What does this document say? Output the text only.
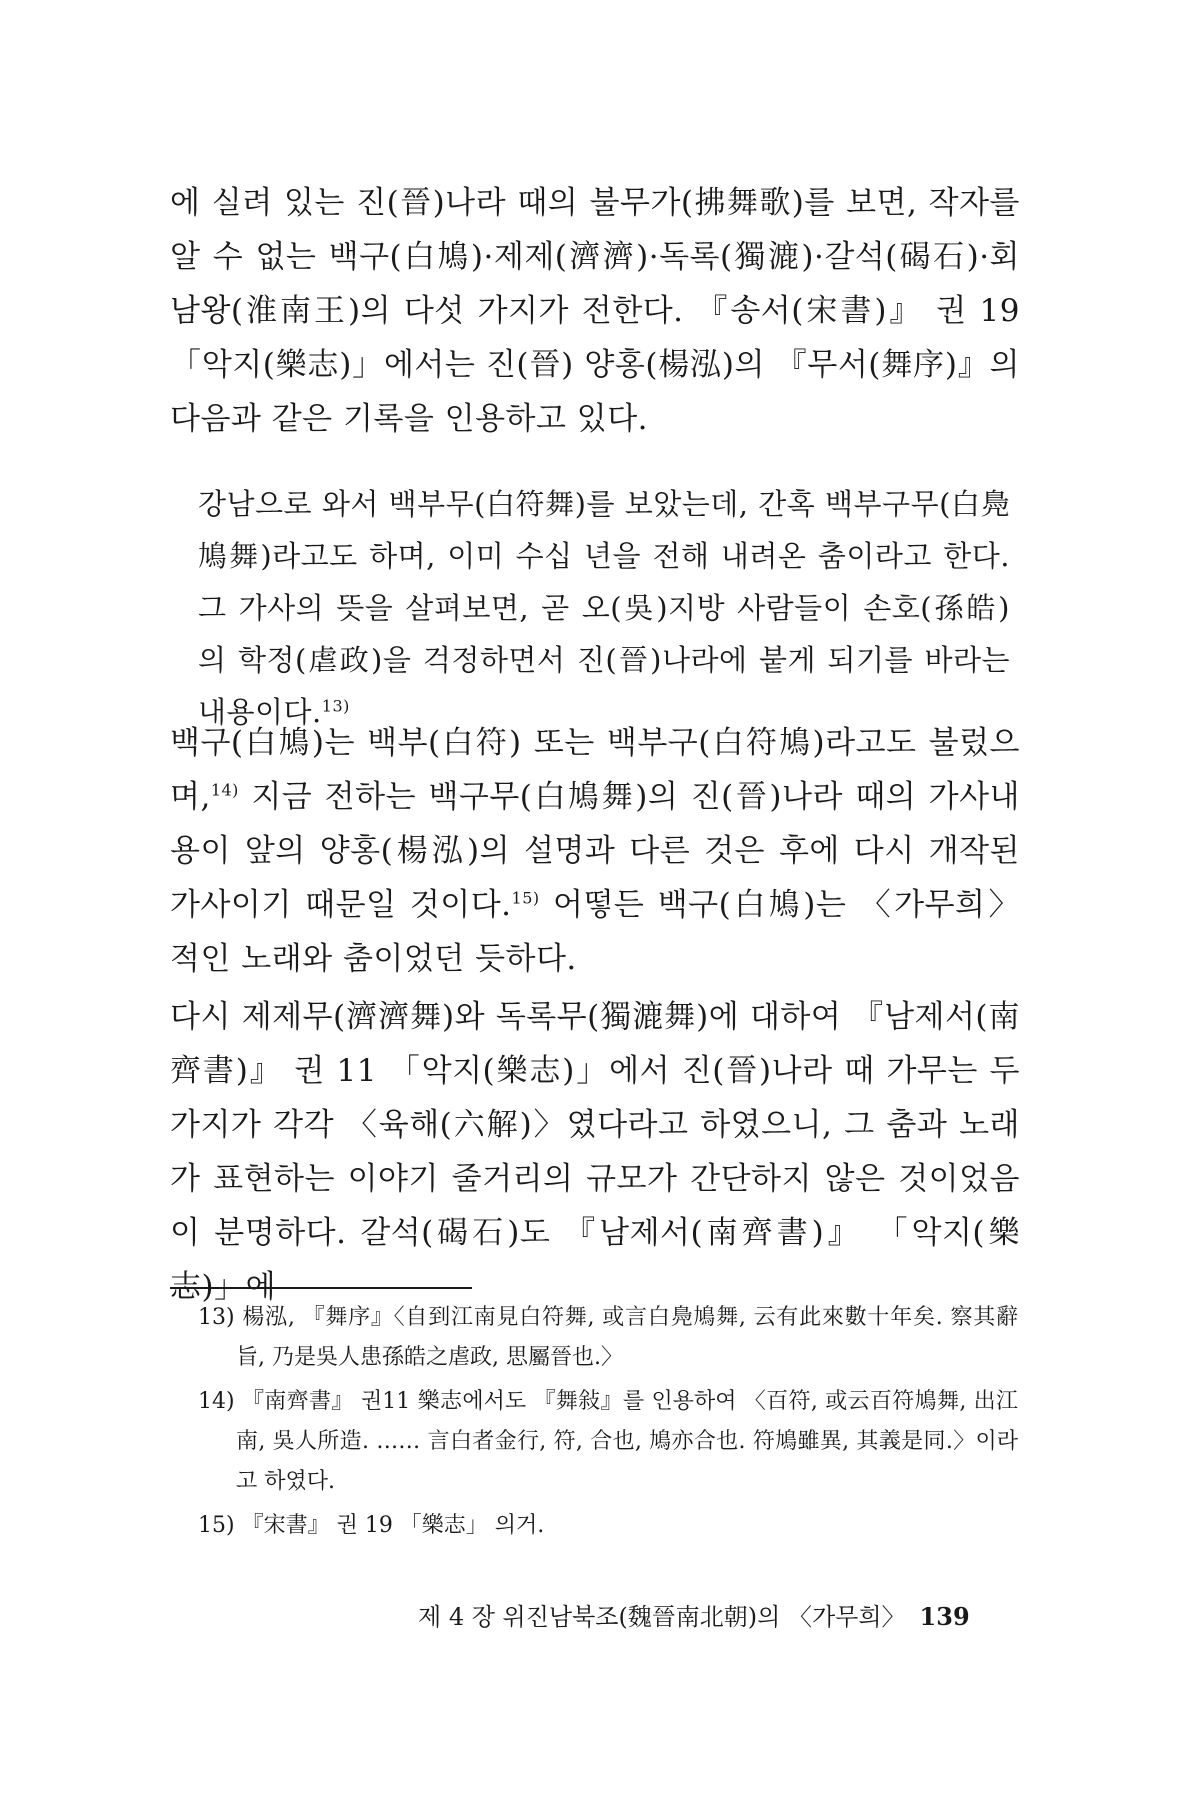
에 실려 있는 진(晉)나라 때의 불무가(拂舞歌)를 보면, 작자를 알 수 없는 백구(白鳩)·제제(濟濟)·독록(獨漉)·갈석(碣石)·회남왕(淮南王)의 다섯 가지가 전한다. 『송서(宋書)』 권 19 「악지(樂志)」에서는 진(晉) 양홍(楊泓)의 『무서(舞序)』의 다음과 같은 기록을 인용하고 있다.

강남으로 와서 백부무(白符舞)를 보았는데, 간혹 백부구무(白鳧鳩舞)라고도 하며, 이미 수십 년을 전해 내려온 춤이라고 한다. 그 가사의 뜻을 살펴보면, 곧 오(吳)지방 사람들이 손호(孫皓)의 학정(虐政)을 걱정하면서 진(晉)나라에 붙게 되기를 바라는 내용이다.$^{13)}$

백구(白鳩)는 백부(白符) 또는 백부구(白符鳩)라고도 불렀으며,$^{14)}$ 지금 전하는 백구무(白鳩舞)의 진(晉)나라 때의 가사내용이 앞의 양홍(楊泓)의 설명과 다른 것은 후에 다시 개작된 가사이기 때문일 것이다.$^{15)}$ 어떻든 백구(白鳩)는 〈가무희〉적인 노래와 춤이었던 듯하다.

다시 제제무(濟濟舞)와 독록무(獨漉舞)에 대하여 『남제서(南齊書)』 권 11 「악지(樂志)」에서 진(晉)나라 때 가무는 두 가지가 각각 〈육해(六解)〉였다라고 하였으니, 그 춤과 노래가 표현하는 이야기 줄거리의 규모가 간단하지 않은 것이었음이 분명하다. 갈석(碣石)도 『남제서(南齊書)』 「악지(樂志)」에

13) 楊泓, 『舞序』〈自到江南見白符舞, 或言白鳧鳩舞, 云有此來數十年矣. 察其辭旨, 乃是吳人患孫皓之虐政, 思屬晉也.〉

14) 『南齊書』 권11 樂志에서도 『舞敍』를 인용하여 〈百符, 或云百符鳩舞, 出江南, 吳人所造. …… 言白者金行, 符, 合也, 鳩亦合也. 符鳩雖異, 其義是同.〉이라고 하였다.

15) 『宋書』 권 19 「樂志」 의거.

제 4 장 위진남북조(魏晉南北朝)의 〈가무희〉 139
